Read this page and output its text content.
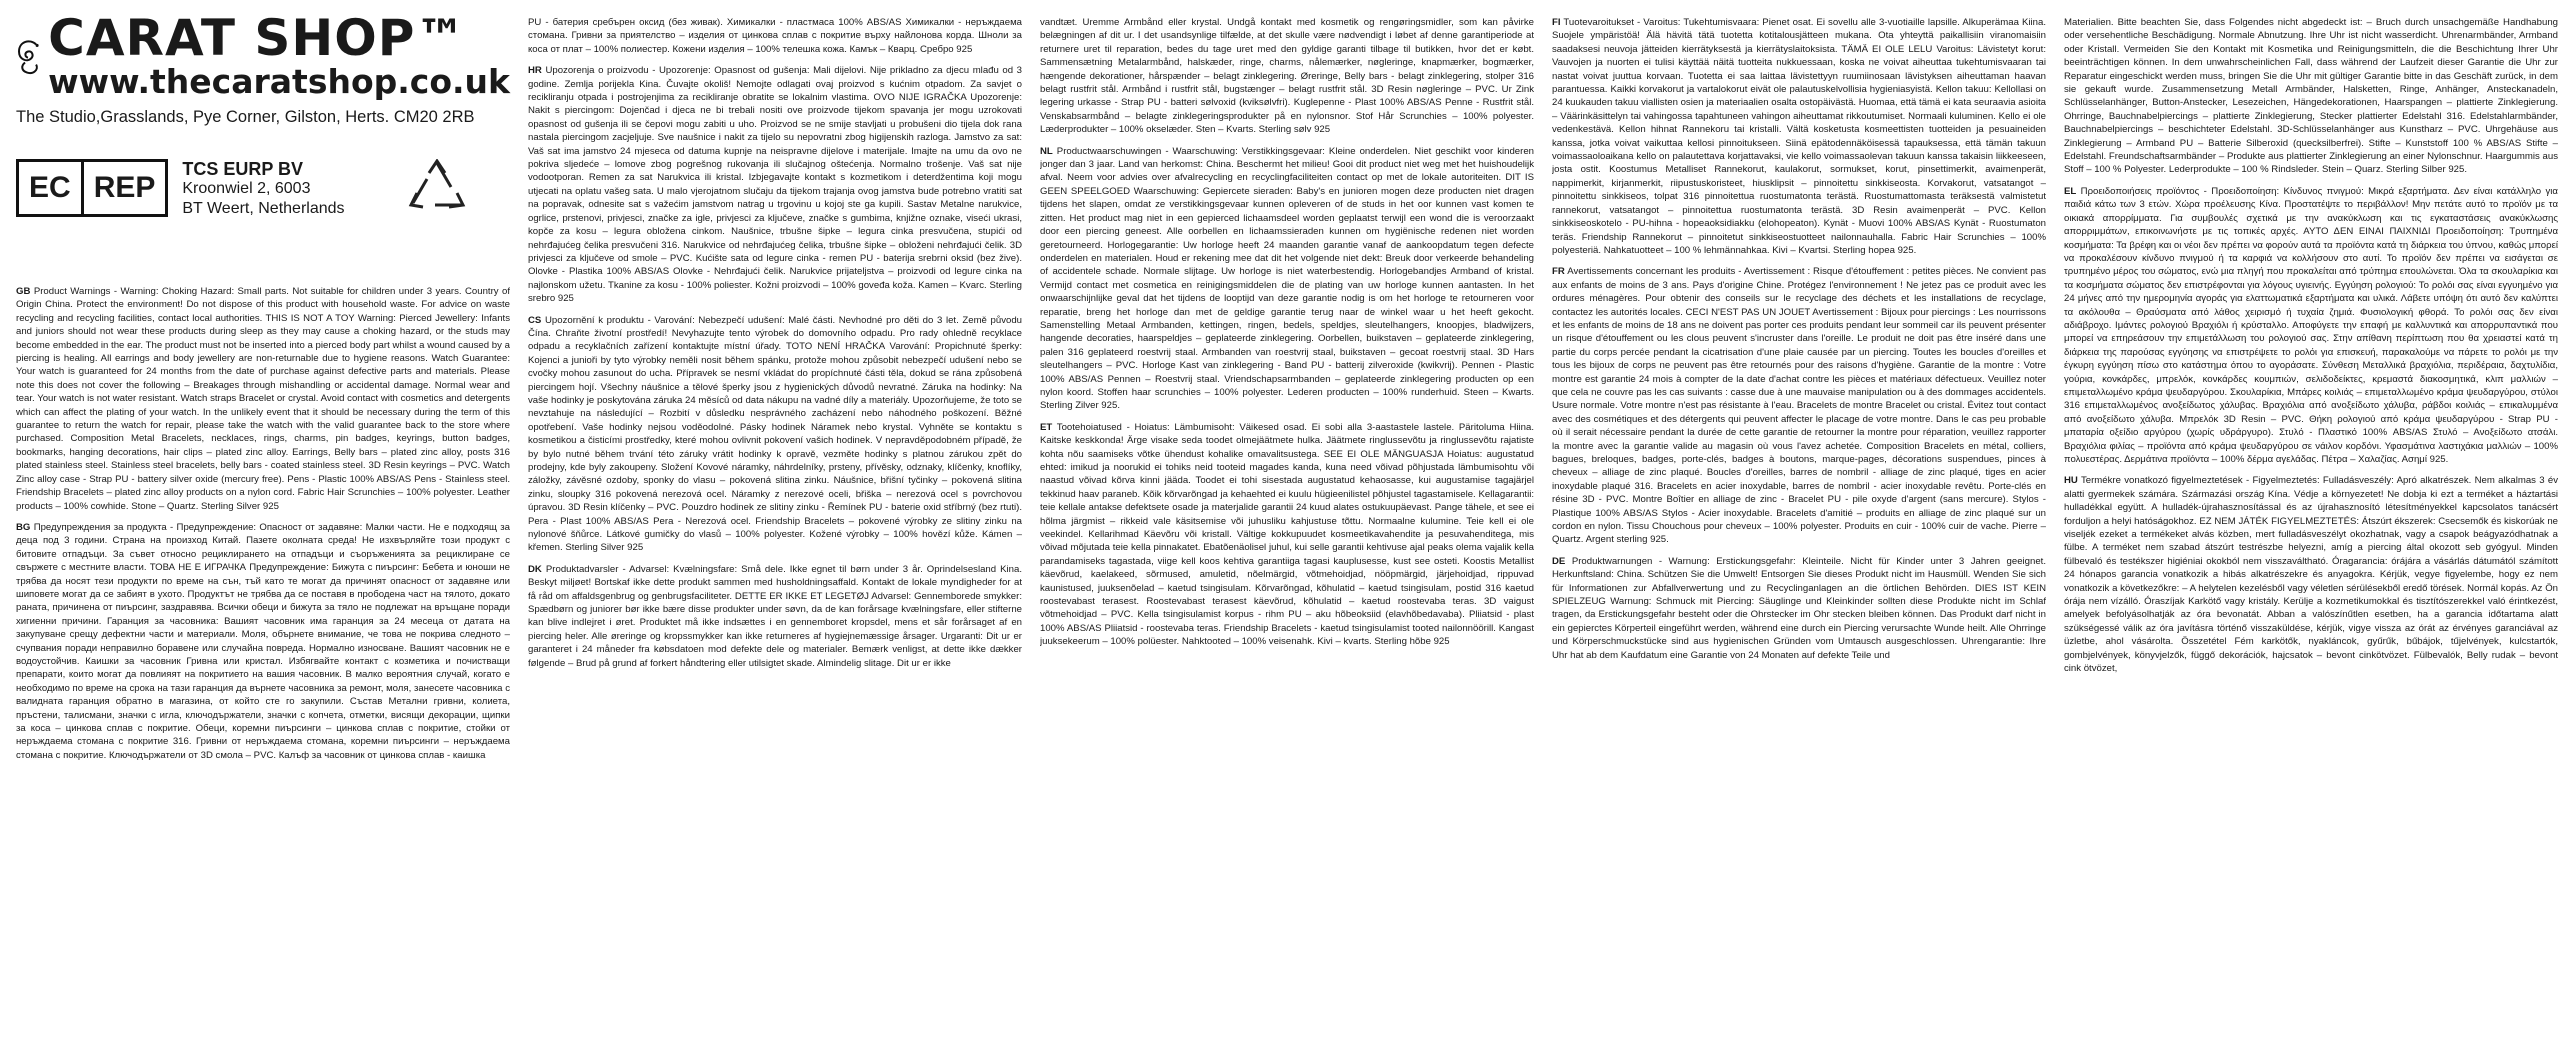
CARAT SHOP™
www.thecaratshop.co.uk
The Studio,Grasslands, Pye Corner, Gilston, Herts. CM20 2RB
EC REP
TCS EURP BV
Kroonwiel 2, 6003
BT Weert, Netherlands

GB Product Warnings - Warning: Choking Hazard: Small parts. Not suitable for children under 3 years. Country of Origin China. Protect the environment! Do not dispose of this product with household waste. For advice on waste recycling and recycling facilities, contact local authorities. THIS IS NOT A TOY Warning: Pierced Jewellery: Infants and juniors should not wear these products during sleep as they may cause a choking hazard, or the studs may become embedded in the ear. The product must not be inserted into a pierced body part whilst a wound caused by a piercing is healing. All earrings and body jewellery are non-returnable due to hygiene reasons. Watch Guarantee: Your watch is guaranteed for 24 months from the date of purchase against defective parts and materials. Please note this does not cover the following – Breakages through mishandling or accidental damage. Normal wear and tear. Your watch is not water resistant. Watch straps Bracelet or crystal. Avoid contact with cosmetics and detergents which can affect the plating of your watch. In the unlikely event that it should be necessary during the term of this guarantee to return the watch for repair, please take the watch with the valid guarantee back to the store where purchased. Composition Metal Bracelets, necklaces, rings, charms, pin badges, keyrings, button badges, bookmarks, hanging decorations, hair clips – plated zinc alloy. Earrings, Belly bars – plated zinc alloy, posts 316 plated stainless steel. Stainless steel bracelets, belly bars - coated stainless steel. 3D Resin keyrings – PVC. Watch Zinc alloy case - Strap PU - battery silver oxide (mercury free). Pens - Plastic 100% ABS/AS Pens - Stainless steel. Friendship Bracelets – plated zinc alloy products on a nylon cord. Fabric Hair Scrunchies – 100% polyester. Leather products – 100% cowhide. Stone – Quartz. Sterling Silver 925

BG Предупреждения за продукта - Предупреждение: Опасност от задавяне: Малки части. Не е подходящ за деца под 3 години. Страна на произход Китай. Пазете околната среда! Не изхвърляйте този продукт с битовите отпадъци. За съвет относно рециклирането на отпадъци и съоръженията за рециклиране се свържете с местните власти. ТОВА НЕ Е ИГРАЧКА Предупреждение: Бижута с пиърсинг: Бебета и юноши не трябва да носят тези продукти по време на сън, тъй като те могат да причинят опасност от задавяне или шиповете могат да се забият в ухото. Продуктът не трябва да се поставя в прободена част на тялото, докато раната, причинена от пиърсинг, заздравява. Всички обеци и бижута за тяло не подлежат на връщане поради хигиенни причини. Гаранция за часовника: Вашият часовник има гаранция за 24 месеца от датата на закупуване срещу дефектни части и материали. Моля, обърнете внимание, че това не покрива следното – счупвания поради неправилно боравене или случайна повреда. Нормално износване. Вашият часовник не е водоустойчив. Каишки за часовник Гривна или кристал. Избягвайте контакт с козметика и почистващи препарати, които могат да повлияят на покритието на вашия часовник. В малко вероятния случай, когато е необходимо по време на срока на тази гаранция да върнете часовника за ремонт, моля, занесете часовника с валидната гаранция обратно в магазина, от който сте го закупили. Състав Метални гривни, колиета, пръстени, талисмани, значки с игла, ключодържатели, значки с копчета, отметки, висящи декорации, щипки за коса – цинкова сплав с покритие. Обеци, коремни пиърсинги – цинкова сплав с покритие, стойки от неръждаема стомана с покритие 316. Гривни от неръждаема стомана, коремни пиърсинги – неръждаема стомана с покритие. Ключодържатели от 3D смола – PVC. Калъф за часовник от цинкова сплав - каишка

PU - батерия сребърен оксид (без живак). Химикалки - пластмаса 100% ABS/AS Химикалки - неръждаема стомана. Гривни за приятелство – изделия от цинкова сплав с покритие върху найлонова корда. Шноли за коса от плат – 100% полиестер. Кожени изделия – 100% телешка кожа. Камък – Кварц. Сребро 925

HR Upozorenja o proizvodu - Upozorenje: Opasnost od gušenja: Mali dijelovi. Nije prikladno za djecu mlađu od 3 godine. Zemlja porijekla Kina. Čuvajte okoliš! Nemojte odlagati ovaj proizvod s kućnim otpadom. Za savjet o recikliranju otpada i postrojenjima za recikliranje obratite se lokalnim vlastima. OVO NIJE IGRAČKA Upozorenje: Nakit s piercingom: Dojenčad i djeca ne bi trebali nositi ove proizvode tijekom spavanja jer mogu uzrokovati opasnost od gušenja ili se čepovi mogu zabiti u uho. Proizvod se ne smije stavljati u probušeni dio tijela dok rana nastala piercingom zacjeljuje. Sve naušnice i nakit za tijelo su nepovratni zbog higijenskih razloga. Jamstvo za sat: Vaš sat ima jamstvo 24 mjeseca od datuma kupnje na neispravne dijelove i materijale. Imajte na umu da ovo ne pokriva sljedeće – lomove zbog pogrešnog rukovanja ili slučajnog oštećenja. Normalno trošenje. Vaš sat nije vodootporan. Remen za sat Narukvica ili kristal. Izbjegavajte kontakt s kozmetikom i deterdžentima koji mogu utjecati na oplatu vašeg sata. U malo vjerojatnom slučaju da tijekom trajanja ovog jamstva bude potrebno vratiti sat na popravak, odnesite sat s važećim jamstvom natrag u trgovinu u kojoj ste ga kupili. Sastav Metalne narukvice, ogrlice, prstenovi, privjesci, značke za igle, privjesci za ključeve, značke s gumbima, knjižne oznake, viseći ukrasi, kopče za kosu – legura obložena cinkom. Naušnice, trbušne šipke – legura cinka presvučena, stupići od nehrđajućeg čelika presvučeni 316. Narukvice od nehrđajućeg čelika, trbušne šipke – obloženi nehrđajući čelik. 3D privjesci za ključeve od smole – PVC. Kućište sata od legure cinka - remen PU - baterija srebrni oksid (bez žive). Olovke - Plastika 100% ABS/AS Olovke - Nehrđajući čelik. Narukvice prijateljstva – proizvodi od legure cinka na najlonskom užetu. Tkanine za kosu - 100% poliester. Kožni proizvodi – 100% goveđa koža. Kamen – Kvarc. Sterling srebro 925

CS Upozornění k produktu - Varování: Nebezpečí udušení: Malé části. Nevhodné pro děti do 3 let. Země původu Čína. Chraňte životní prostředí! Nevyhazujte tento výrobek do domovního odpadu. Pro rady ohledně recyklace odpadu a recyklačních zařízení kontaktujte místní úřady. TOTO NENÍ HRAČKA Varování: Propichnuté šperky: Kojenci a junioři by tyto výrobky neměli nosit během spánku, protože mohou způsobit nebezpečí udušení nebo se cvočky mohou zasunout do ucha. Přípravek se nesmí vkládat do propíchnuté části těla, dokud se rána způsobená piercingem hojí. Všechny náušnice a tělové šperky jsou z hygienických důvodů nevratné. Záruka na hodinky: Na vaše hodinky je poskytována záruka 24 měsíců od data nákupu na vadné díly a materiály. Upozorňujeme, že toto se nevztahuje na následující – Rozbití v důsledku nesprávného zacházení nebo náhodného poškození. Běžné opotřebení. Vaše hodinky nejsou voděodolné. Pásky hodinek Náramek nebo krystal. Vyhněte se kontaktu s kosmetikou a čisticími prostředky, které mohou ovlivnit pokovení vašich hodinek. V nepravděpodobném případě, že by bylo nutné během trvání této záruky vrátit hodinky k opravě, vezměte hodinky s platnou zárukou zpět do prodejny, kde byly zakoupeny. Složení Kovové náramky, náhrdelníky, prsteny, přívěsky, odznaky, klíčenky, knoflíky, záložky, závěsné ozdoby, sponky do vlasu – pokovená slitina zinku. Náušnice, břišní tyčinky – pokovená slitina zinku, sloupky 316 pokovená nerezová ocel. Náramky z nerezové oceli, břiška – nerezová ocel s povrchovou úpravou. 3D Resin klíčenky – PVC. Pouzdro hodinek ze slitiny zinku - Řemínek PU - baterie oxid stříbrný (bez rtuti). Pera - Plast 100% ABS/AS Pera - Nerezová ocel. Friendship Bracelets – pokovené výrobky ze slitiny zinku na nylonové šňůrce. Látkové gumičky do vlasů – 100% polyester. Kožené výrobky – 100% hovězí kůže. Kámen – křemen. Sterling Silver 925

DK Produktadvarsler - Advarsel: Kvælningsfare: Små dele. Ikke egnet til børn under 3 år. Oprindelsesland Kina. Beskyt miljøet! Bortskaf ikke dette produkt sammen med husholdningsaffald. Kontakt de lokale myndigheder for at få råd om affaldsgenbrug og genbrugsfaciliteter. DETTE ER IKKE ET LEGETØJ Advarsel: Gennemborede smykker: Spædbørn og juniorer bør ikke bære disse produkter under søvn, da de kan forårsage kvælningsfare, eller stifterne kan blive indlejret i øret. Produktet må ikke indsættes i en gennemboret kropsdel, mens et sår forårsaget af en piercing heler. Alle øreringe og kropssmykker kan ikke returneres af hygiejnemæssige årsager. Urgaranti: Dit ur er garanteret i 24 måneder fra købsdatoen mod defekte dele og materialer. Bemærk venligst, at dette ikke dækker følgende – Brud på grund af forkert håndtering eller utilsigtet skade. Almindelig slitage. Dit ur er ikke

vandtæt. Uremme Armbånd eller krystal. Undgå kontakt med kosmetik og rengøringsmidler, som kan påvirke belægningen af dit ur. I det usandsynlige tilfælde, at det skulle være nødvendigt i løbet af denne garantiperiode at returnere uret til reparation, bedes du tage uret med den gyldige garanti tilbage til butikken, hvor det er købt. Sammensætning Metalarmbånd, halskæder, ringe, charms, nålemærker, nøgleringe, knapmærker, bogmærker, hængende dekorationer, hårspænder – belagt zinklegering. Øreringe, Belly bars - belagt zinklegering, stolper 316 belagt rustfrit stål. Armbånd i rustfrit stål, bugstænger – belagt rustfrit stål. 3D Resin nøgleringe – PVC. Ur Zink legering urkasse - Strap PU - batteri sølvoxid (kviksølvfri). Kuglepenne - Plast 100% ABS/AS Penne - Rustfrit stål. Venskabsarmbånd – belagte zinklegeringsprodukter på en nylonsnor. Stof Hår Scrunchies – 100% polyester. Læderprodukter – 100% okselæder. Sten – Kvarts. Sterling sølv 925

NL Productwaarschuwingen - Waarschuwing: Verstikkingsgevaar: Kleine onderdelen. Niet geschikt voor kinderen jonger dan 3 jaar. Land van herkomst: China. Beschermt het milieu! Gooi dit product niet weg met het huishoudelijk afval. Neem voor advies over afvalrecycling en recyclingfaciliteiten contact op met de lokale autoriteiten. DIT IS GEEN SPEELGOED Waarschuwing: Gepiercete sieraden: Baby's en junioren mogen deze producten niet dragen tijdens het slapen, omdat ze verstikkingsgevaar kunnen opleveren of de studs in het oor kunnen vast komen te zitten. Het product mag niet in een gepierced lichaamsdeel worden geplaatst terwijl een wond die is veroorzaakt door een piercing geneest. Alle oorbellen en lichaamssieraden kunnen om hygiënische redenen niet worden geretourneerd. Horlogegarantie: Uw horloge heeft 24 maanden garantie vanaf de aankoopdatum tegen defecte onderdelen en materialen. Houd er rekening mee dat dit het volgende niet dekt: Breuk door verkeerde behandeling of accidentele schade. Normale slijtage. Uw horloge is niet waterbestendig. Horlogebandjes Armband of kristal. Vermijd contact met cosmetica en reinigingsmiddelen die de plating van uw horloge kunnen aantasten. In het onwaarschijnlijke geval dat het tijdens de looptijd van deze garantie nodig is om het horloge te retourneren voor reparatie, breng het horloge dan met de geldige garantie terug naar de winkel waar u het heeft gekocht. Samenstelling Metaal Armbanden, kettingen, ringen, bedels, speldjes, sleutelhangers, knoopjes, bladwijzers, hangende decoraties, haarspeldjes – geplateerde zinklegering. Oorbellen, buikstaven – geplateerde zinklegering, palen 316 geplateerd roestvrij staal. Armbanden van roestvrij staal, buikstaven – gecoat roestvrij staal. 3D Hars sleutelhangers – PVC. Horloge Kast van zinklegering - Band PU - batterij zilveroxide (kwikvrij). Pennen - Plastic 100% ABS/AS Pennen – Roestvrij staal. Vriendschapsarmbanden – geplateerde zinklegering producten op een nylon koord. Stoffen haar scrunchies – 100% polyester. Lederen producten – 100% runderhuid. Steen – Kwarts. Sterling Zilver 925.

ET Tootehoiatused - Hoiatus: Lämbumisoht: Väikesed osad. Ei sobi alla 3-aastastele lastele. Päritoluma Hiina. Kaitske keskkonda! Ärge visake seda toodet olmejäätmete hulka. Jäätmete ringlussevõtu ja ringlussevõtu rajatiste kohta nõu saamiseks võtke ühendust kohalike omavalitsustega. SEE EI OLE MÄNGUASJA Hoiatus: augustatud ehted: imikud ja noorukid ei tohiks neid tooteid magades kanda, kuna need võivad põhjustada lämbumisohtu või naastud võivad kõrva kinni jääda. Toodet ei tohi sisestada augustatud kehaosasse, kui augustamise tagajärjel tekkinud haav paraneb. Kõik kõrvarõngad ja kehaehted ei kuulu hügieenilistel põhjustel tagastamisele. Kellagarantii: teie kellale antakse defektsete osade ja materjalide garantii 24 kuud alates ostukuupäevast. Pange tähele, et see ei hõlma järgmist – rikkeid vale käsitsemise või juhusliku kahjustuse tõttu. Normaalne kulumine. Teie kell ei ole veekindel. Kellarihmad Käevõru või kristall. Vältige kokkupuudet kosmeetikavahendite ja pesuvahenditega, mis võivad mõjutada teie kella pinnakatet. Ebatõenäolisel juhul, kui selle garantii kehtivuse ajal peaks olema vajalik kella parandamiseks tagastada, viige kell koos kehtiva garantiiga tagasi kauplusesse, kust see osteti. Koostis Metallist käevõrud, kaelakeed, sõrmused, amuletid, nõelmärgid, võtmehoidjad, nööpmärgid, järjehoidjad, rippuvad kaunistused, juuksenõelad – kaetud tsingisulam. Kõrvarõngad, kõhulatid – kaetud tsingisulam, postid 316 kaetud roostevabast terasest. Roostevabast terasest käevõrud, kõhulatid – kaetud roostevaba teras. 3D vaigust võtmehoidjad – PVC. Kella tsingisulamist korpus - rihm PU – aku hõbeoksiid (elavhõbedavaba). Pliiatsid - plast 100% ABS/AS Pliiatsid - roostevaba teras. Friendship Bracelets - kaetud tsingisulamist tooted nailonnöörill. Kangast juuksekeerum – 100% polüester. Nahktooted – 100% veisenahk. Kivi – kvarts. Sterling hõbe 925

FI Tuotevaroitukset - Varoitus: Tukehtumisvaara: Pienet osat. Ei sovellu alle 3-vuotiaille lapsille. Alkuperämaa Kiina. Suojele ympäristöä! Älä hävitä tätä tuotetta kotitalousjätteen mukana. Ota yhteyttä paikallisiin viranomaisiin saadaksesi neuvoja jätteiden kierrätyksestä ja kierrätyslaitoksista. TÄMÄ EI OLE LELU Varoitus: Lävistetyt korut: Vauvojen ja nuorten ei tulisi käyttää näitä tuotteita nukkuessaan, koska ne voivat aiheuttaa tukehtumisvaaran tai nastat voivat juuttua korvaan. Tuotetta ei saa laittaa lävistettyyn ruumiinosaan lävistyksen aiheuttaman haavan parantuessa. Kaikki korvakorut ja vartalokorut eivät ole palautuskelvollisia hygieniasyistä. Kellon takuu: Kellollasi on 24 kuukauden takuu viallisten osien ja materiaalien osalta ostopäivästä. Huomaa, että tämä ei kata seuraavia asioita – Väärinkäsittelyn tai vahingossa tapahtuneen vahingon aiheuttamat rikkoutumiset. Normaali kuluminen. Kello ei ole vedenkestävä. Kellon hihnat Rannekoru tai kristalli. Vältä kosketusta kosmeettisten tuotteiden ja pesuaineiden kanssa, jotka voivat vaikuttaa kellosi pinnoitukseen. Siinä epätodennäköisessä tapauksessa, että tämän takuun voimassaoloaikana kello on palautettava korjattavaksi, vie kello voimassaolevan takuun kanssa takaisin liikkeeseen, josta ostit. Koostumus Metalliset Rannekorut, kaulakorut, sormukset, korut, pinsettimerkit, avaimenperät, nappimerkit, kirjanmerkit, riipustuskoristeet, hiusklipsit – pinnoitettu sinkkiseosta. Korvakorut, vatsatangot – pinnoitettu sinkkiseos, tolpat 316 pinnoitettua ruostumatonta terästä. Ruostumattomasta teräksestä valmistetut rannekorut, vatsatangot – pinnoitettua ruostumatonta terästä. 3D Resin avaimenperät – PVC. Kellon sinkkiseoskotelo - PU-hihna - hopeaoksidiakku (elohopeaton). Kynät - Muovi 100% ABS/AS Kynät - Ruostumaton teräs. Friendship Rannekorut – pinnoitetut sinkkiseostuotteet nailonnauhalla. Fabric Hair Scrunchies – 100% polyesteriä. Nahkatuotteet – 100 % lehmännahkaa. Kivi – Kvartsi. Sterling hopea 925.

FR Avertissements concernant les produits - Avertissement : Risque d'étouffement : petites pièces. Ne convient pas aux enfants de moins de 3 ans. Pays d'origine Chine. Protégez l'environnement ! Ne jetez pas ce produit avec les ordures ménagères. Pour obtenir des conseils sur le recyclage des déchets et les installations de recyclage, contactez les autorités locales. CECI N'EST PAS UN JOUET Avertissement : Bijoux pour piercings : Les nourrissons et les enfants de moins de 18 ans ne doivent pas porter ces produits pendant leur sommeil car ils peuvent présenter un risque d'étouffement ou les clous peuvent s'incruster dans l'oreille. Le produit ne doit pas être inséré dans une partie du corps percée pendant la cicatrisation d'une plaie causée par un piercing. Toutes les boucles d'oreilles et tous les bijoux de corps ne peuvent pas être retournés pour des raisons d'hygiène. Garantie de la montre : Votre montre est garantie 24 mois à compter de la date d'achat contre les pièces et matériaux défectueux. Veuillez noter que cela ne couvre pas les cas suivants : casse due à une mauvaise manipulation ou à des dommages accidentels. Usure normale. Votre montre n'est pas résistante à l'eau. Bracelets de montre Bracelet ou cristal. Évitez tout contact avec des cosmétiques et des détergents qui peuvent affecter le placage de votre montre. Dans le cas peu probable où il serait nécessaire pendant la durée de cette garantie de retourner la montre pour réparation, veuillez rapporter la montre avec la garantie valide au magasin où vous l'avez achetée. Composition Bracelets en métal, colliers, bagues, breloques, badges, porte-clés, badges à boutons, marque-pages, décorations suspendues, pinces à cheveux – alliage de zinc plaqué. Boucles d'oreilles, barres de nombril - alliage de zinc plaqué, tiges en acier inoxydable plaqué 316. Bracelets en acier inoxydable, barres de nombril - acier inoxydable revêtu. Porte-clés en résine 3D - PVC. Montre Boîtier en alliage de zinc - Bracelet PU - pile oxyde d'argent (sans mercure). Stylos - Plastique 100% ABS/AS Stylos - Acier inoxydable. Bracelets d'amitié – produits en alliage de zinc plaqué sur un cordon en nylon. Tissu Chouchous pour cheveux – 100% polyester. Produits en cuir - 100% cuir de vache. Pierre – Quartz. Argent sterling 925.

DE Produktwarnungen - Warnung: Erstickungsgefahr: Kleinteile. Nicht für Kinder unter 3 Jahren geeignet. Herkunftsland: China. Schützen Sie die Umwelt! Entsorgen Sie dieses Produkt nicht im Hausmüll. Wenden Sie sich für Informationen zur Abfallverwertung und zu Recyclinganlagen an die örtlichen Behörden. DIES IST KEIN SPIELZEUG Warnung: Schmuck mit Piercing: Säuglinge und Kleinkinder sollten diese Produkte nicht im Schlaf tragen, da Erstickungsgefahr besteht oder die Ohrstecker im Ohr stecken bleiben können. Das Produkt darf nicht in ein gepierctes Körperteil eingeführt werden, während eine durch ein Piercing verursachte Wunde heilt. Alle Ohrringe und Körperschmuckstücke sind aus hygienischen Gründen vom Umtausch ausgeschlossen. Uhrengarantie: Ihre Uhr hat ab dem Kaufdatum eine Garantie von 24 Monaten auf defekte Teile und

Materialien. Bitte beachten Sie, dass Folgendes nicht abgedeckt ist: – Bruch durch unsachgemäße Handhabung oder versehentliche Beschädigung. Normale Abnutzung. Ihre Uhr ist nicht wasserdicht. Uhrenarmbänder, Armband oder Kristall. Vermeiden Sie den Kontakt mit Kosmetika und Reinigungsmitteln, die die Beschichtung Ihrer Uhr beeinträchtigen können. In dem unwahrscheinlichen Fall, dass während der Laufzeit dieser Garantie die Uhr zur Reparatur eingeschickt werden muss, bringen Sie die Uhr mit gültiger Garantie bitte in das Geschäft zurück, in dem sie gekauft wurde. Zusammensetzung Metall Armbänder, Halsketten, Ringe, Anhänger, Ansteckanadeln, Schlüsselanhänger, Button-Anstecker, Lesezeichen, Hängedekorationen, Haarspangen – plattierte Zinklegierung. Ohrringe, Bauchnabelpiercings – plattierte Zinklegierung, Stecker plattierter Edelstahl 316. Edelstahlarmbänder, Bauchnabelpiercings – beschichteter Edelstahl. 3D-Schlüsselanhänger aus Kunstharz – PVC. Uhrgehäuse aus Zinklegierung – Armband PU – Batterie Silberoxid (quecksilberfrei). Stifte – Kunststoff 100 % ABS/AS Stifte – Edelstahl. Freundschaftsarmbänder – Produkte aus plattierter Zinklegierung an einer Nylonschnur. Haargummis aus Stoff – 100 % Polyester. Lederprodukte – 100 % Rindsleder. Stein – Quarz. Sterling Silber 925.

EL Προειδοποιήσεις προϊόντος - Προειδοποίηση: Κίνδυνος πνιγμού: Μικρά εξαρτήματα. Δεν είναι κατάλληλο για παιδιά κάτω των 3 ετών. Χώρα προέλευσης Κίνα. Προστατέψτε το περιβάλλον! Μην πετάτε αυτό το προϊόν με τα οικιακά απορρίμματα. Για συμβουλές σχετικά με την ανακύκλωση και τις εγκαταστάσεις ανακύκλωσης απορριμμάτων, επικοινωνήστε με τις τοπικές αρχές. ΑΥΤΟ ΔΕΝ ΕΙΝΑΙ ΠΑΙΧΝΙΔΙ Προειδοποίηση: Τρυπημένα κοσμήματα: Τα βρέφη και οι νέοι δεν πρέπει να φορούν αυτά τα προϊόντα κατά τη διάρκεια του ύπνου, καθώς μπορεί να προκαλέσουν κίνδυνο πνιγμού ή τα καρφιά να κολλήσουν στο αυτί. Το προϊόν δεν πρέπει να εισάγεται σε τρυπημένο μέρος του σώματος, ενώ μια πληγή που προκαλείται από τρύπημα επουλώνεται. Όλα τα σκουλαρίκια και τα κοσμήματα σώματος δεν επιστρέφονται για λόγους υγιεινής. Εγγύηση ρολογιού: Το ρολόι σας είναι εγγυημένο για 24 μήνες από την ημερομηνία αγοράς για ελαττωματικά εξαρτήματα και υλικά. Λάβετε υπόψη ότι αυτό δεν καλύπτει τα ακόλουθα – Θραύσματα από λάθος χειρισμό ή τυχαία ζημιά. Φυσιολογική φθορά. Το ρολόι σας δεν είναι αδιάβροχο. Ιμάντες ρολογιού Βραχιόλι ή κρύσταλλο. Αποφύγετε την επαφή με καλλυντικά και απορρυπαντικά που μπορεί να επηρεάσουν την επιμετάλλωση του ρολογιού σας. Στην απίθανη περίπτωση που θα χρειαστεί κατά τη διάρκεια της παρούσας εγγύησης να επιστρέψετε το ρολόι για επισκευή, παρακαλούμε να πάρετε το ρολόι με την έγκυρη εγγύηση πίσω στο κατάστημα όπου το αγοράσατε. Σύνθεση Μεταλλικά βραχιόλια, περιδέραια, δαχτυλίδια, γούρια, κονκάρδες, μπρελόκ, κονκάρδες κουμπιών, σελιδοδείκτες, κρεμαστά διακοσμητικά, κλιπ μαλλιών – επιμεταλλωμένο κράμα ψευδαργύρου. Σκουλαρίκια, Μπάρες κοιλιάς – επιμεταλλωμένο κράμα ψευδαργύρου, στύλοι 316 επιμεταλλωμένος ανοξείδωτος χάλυβας. Βραχιόλια από ανοξείδωτο χάλυβα, ράβδοι κοιλιάς – επικαλυμμένα από ανοξείδωτο χάλυβα. Μπρελόκ 3D Resin – PVC. Θήκη ρολογιού από κράμα ψευδαργύρου - Strap PU - μπαταρία οξείδιο αργύρου (χωρίς υδράργυρο). Στυλό - Πλαστικό 100% ABS/AS Στυλό – Ανοξείδωτο ατσάλι. Βραχιόλια φιλίας – προϊόντα από κράμα ψευδαργύρου σε νάιλον κορδόνι. Υφασμάτινα λαστιχάκια μαλλιών – 100% πολυεστέρας. Δερμάτινα προϊόντα – 100% δέρμα αγελάδας. Πέτρα – Χαλαζίας. Ασημί 925.

HU Termékre vonatkozó figyelmeztetések - Figyelmeztetés: Fulladásveszély: Apró alkatrészek. Nem alkalmas 3 év alatti gyermekek számára. Származási ország Kína. Védje a környezetet! Ne dobja ki ezt a terméket a háztartási hulladékkal együtt. A hulladék-újrahasznosítással és az újrahasznosító létesítményekkel kapcsolatos tanácsért forduljon a helyi hatóságokhoz. EZ NEM JÁTÉK FIGYELMEZTETÉS: Átszúrt ékszerek: Csecsemők és kiskorúak ne viseljék ezeket a termékeket alvás közben, mert fulladásveszélyt okozhatnak, vagy a csapok beágyazódhatnak a fülbe. A terméket nem szabad átszúrt testrészbe helyezni, amíg a piercing által okozott seb gyógyul. Minden fülbevaló és testékszer higiéniai okokból nem visszaváltható. Óragarancia: órájára a vásárlás dátumától számított 24 hónapos garancia vonatkozik a hibás alkatrészekre és anyagokra. Kérjük, vegye figyelembe, hogy ez nem vonatkozik a következőkre: – A helytelen kezelésből vagy véletlen sérülésekből eredő törések. Normál kopás. Az Ön órája nem vízálló. Óraszíjak Karkötő vagy kristály. Kerülje a kozmetikumokkal és tisztítószerekkel való érintkezést, amelyek befolyásolhatják az óra bevonatát. Abban a valószínűtlen esetben, ha a garancia időtartama alatt szükségessé válik az óra javításra történő visszaküldése, kérjük, vigye vissza az órát az érvényes garanciával az üzletbe, ahol vásárolta. Összetétel Fém karkötők, nyakláncok, gyűrűk, bűbájok, tűjelvények, kulcstartók, gombjelvények, könyvjelzők, függő dekorációk, hajcsatok – bevont cinkötvözet. Fülbevalók, Belly rudak – bevont cink ötvözet,
